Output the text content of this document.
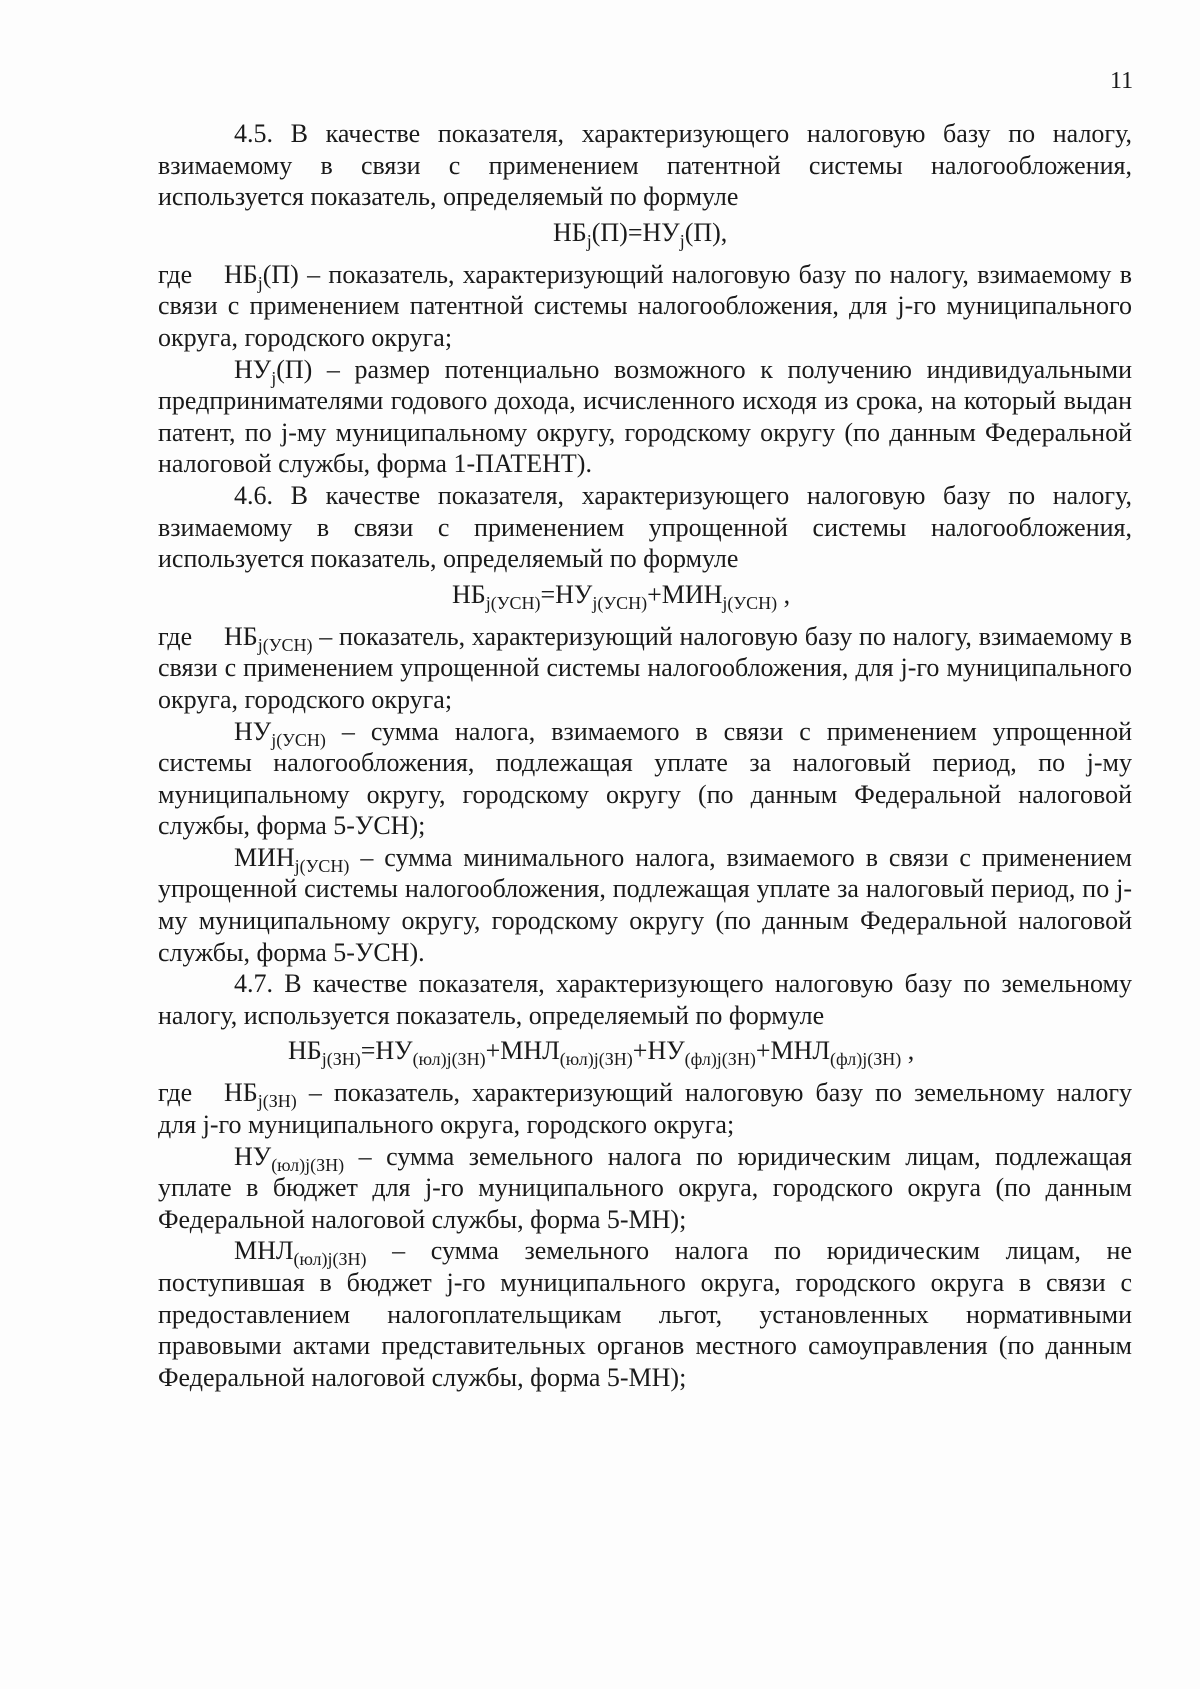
11

4.5. В качестве показателя, характеризующего налоговую базу по налогу, взимаемому в связи с применением патентной системы налогообложения, используется показатель, определяемый по формуле

$НБ_j(П)=НУ_j(П)$,

где $НБ_j(П)$ – показатель, характеризующий налоговую базу по налогу, взимаемому в связи с применением патентной системы налогообложения, для j-го муниципального округа, городского округа;

$НУ_j(П)$ – размер потенциально возможного к получению индивидуальными предпринимателями годового дохода, исчисленного исходя из срока, на который выдан патент, по j-му муниципальному округу, городскому округу (по данным Федеральной налоговой службы, форма 1-ПАТЕНТ).

4.6. В качестве показателя, характеризующего налоговую базу по налогу, взимаемому в связи с применением упрощенной системы налогообложения, используется показатель, определяемый по формуле

$НБ_{j(УСН)}=НУ_{j(УСН)}+МИН_{j(УСН)}$ ,

где $НБ_{j(УСН)}$ – показатель, характеризующий налоговую базу по налогу, взимаемому в связи с применением упрощенной системы налогообложения, для j-го муниципального округа, городского округа;

$НУ_{j(УСН)}$ – сумма налога, взимаемого в связи с применением упрощенной системы налогообложения, подлежащая уплате за налоговый период, по j-му муниципальному округу, городскому округу (по данным Федеральной налоговой службы, форма 5-УСН);

$МИН_{j(УСН)}$ – сумма минимального налога, взимаемого в связи с применением упрощенной системы налогообложения, подлежащая уплате за налоговый период, по j-му муниципальному округу, городскому округу (по данным Федеральной налоговой службы, форма 5-УСН).

4.7. В качестве показателя, характеризующего налоговую базу по земельному налогу, используется показатель, определяемый по формуле

$НБ_{j(ЗН)}=НУ_{(юл)j(ЗН)}+МНЛ_{(юл)j(ЗН)}+НУ_{(фл)j(ЗН)}+МНЛ_{(фл)j(ЗН)}$ ,

где $НБ_{j(ЗН)}$ – показатель, характеризующий налоговую базу по земельному налогу для j-го муниципального округа, городского округа;

$НУ_{(юл)j(ЗН)}$ – сумма земельного налога по юридическим лицам, подлежащая уплате в бюджет для j-го муниципального округа, городского округа (по данным Федеральной налоговой службы, форма 5-МН);

$МНЛ_{(юл)j(ЗН)}$ – сумма земельного налога по юридическим лицам, не поступившая в бюджет j-го муниципального округа, городского округа в связи с предоставлением налогоплательщикам льгот, установленных нормативными правовыми актами представительных органов местного самоуправления (по данным Федеральной налоговой службы, форма 5-МН);
